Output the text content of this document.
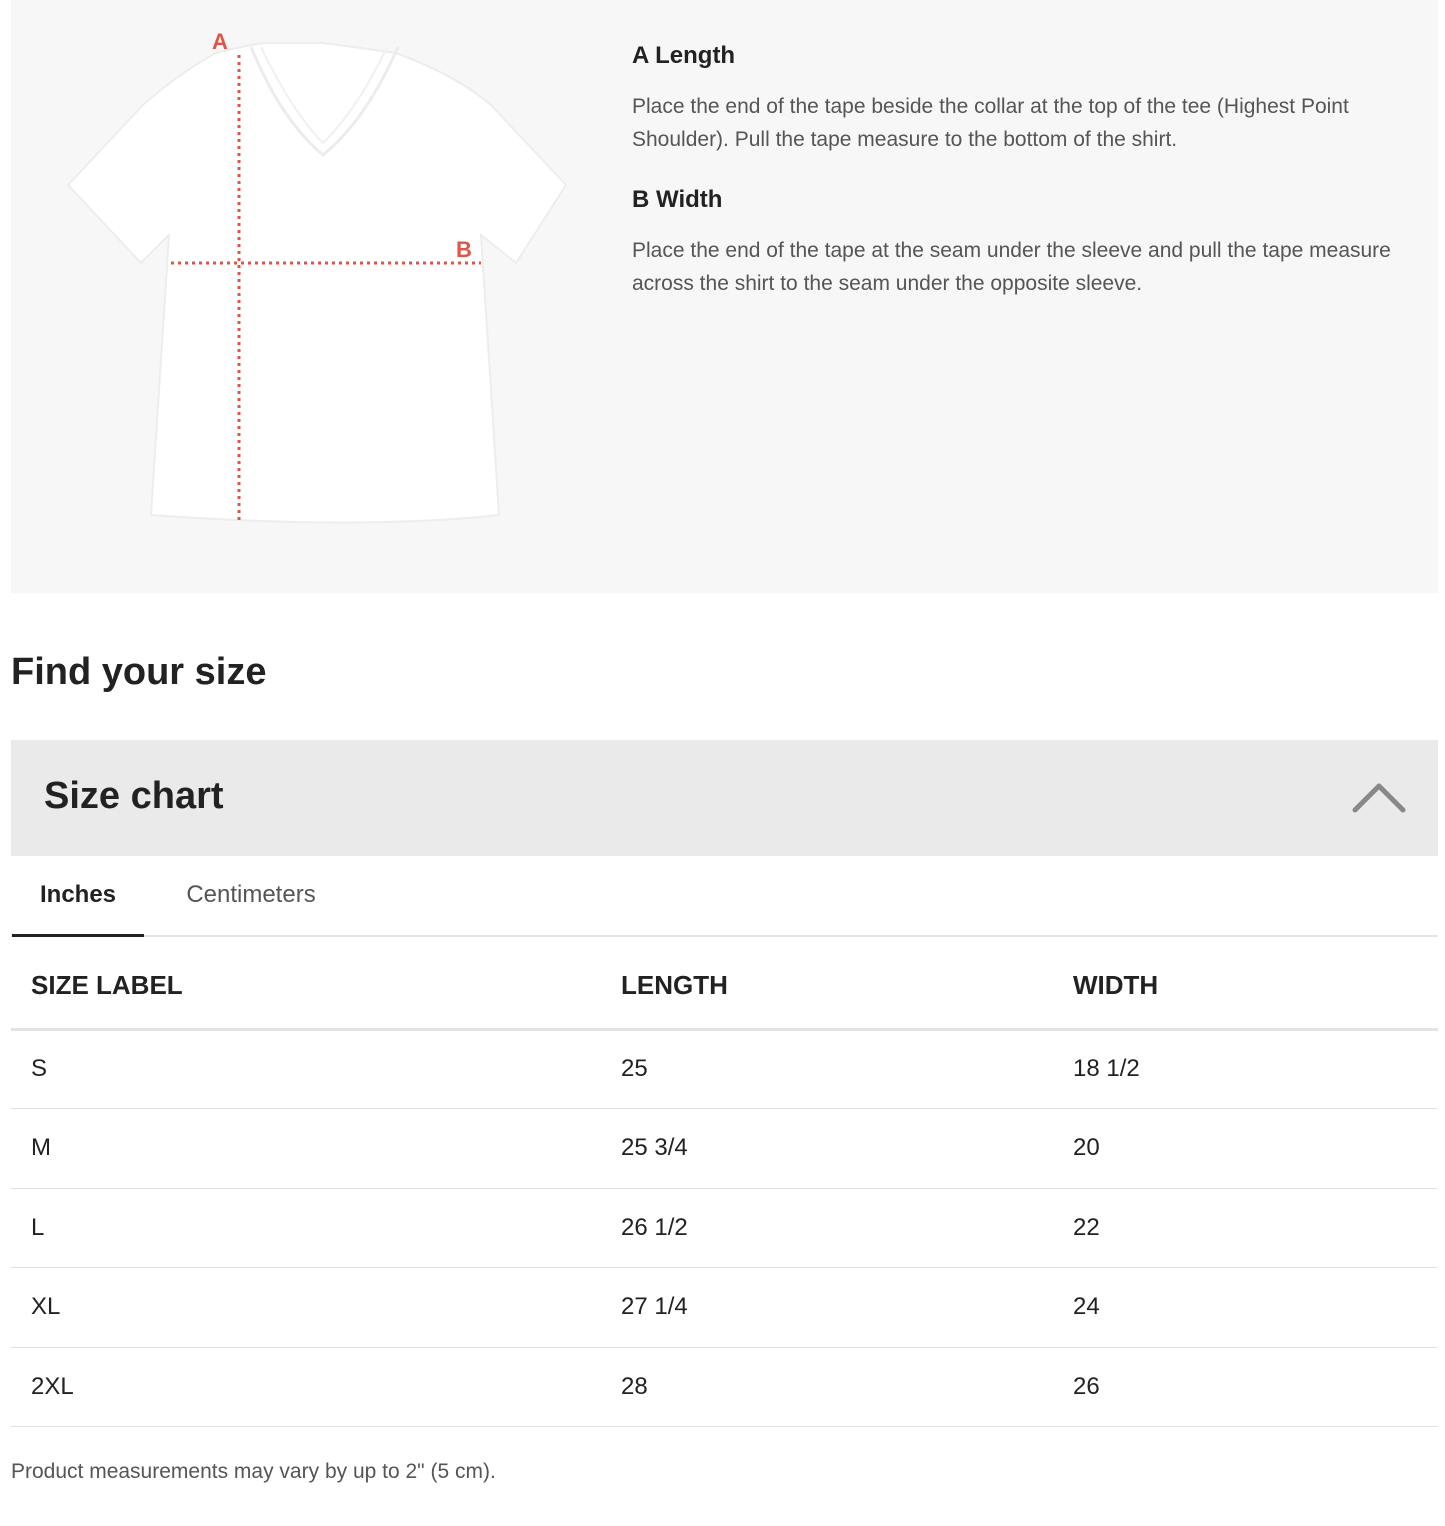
A
B
A Length

Place the end of the tape beside the collar at the top of the tee (Highest Point Shoulder). Pull the tape measure to the bottom of the shirt.

B Width

Place the end of the tape at the seam under the sleeve and pull the tape measure across the shirt to the seam under the opposite sleeve.

Find your size
Size chart
Inches	Centimeters
SIZE LABEL	LENGTH	WIDTH
S	25	18 1/2
M	25 3/4	20
L	26 1/2	22
XL	27 1/4	24
2XL	28	26

Product measurements may vary by up to 2" (5 cm).
